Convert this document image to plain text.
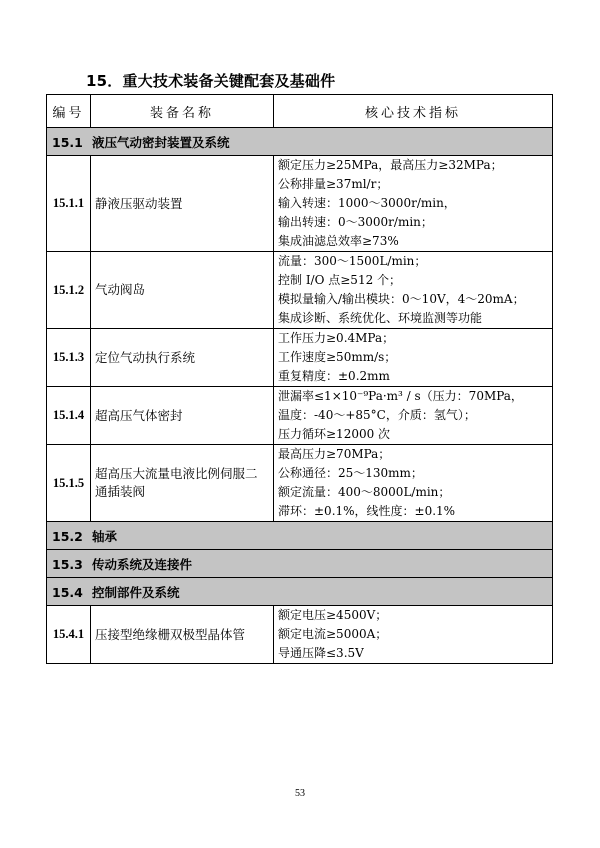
15．重大技术装备关键配套及基础件
编号	装备名称	核心技术指标
15.1 液压气动密封装置及系统		
15.1.1	静液压驱动装置	额定压力≥25MPa，最高压力≥32MPa；
公称排量≥37ml/r；
输入转速：1000～3000r/min，
输出转速：0～3000r/min；
集成油滤总效率≥73%

15.1.2	气动阀岛	流量：300～1500L/min；
控制 I/O 点≥512 个；
模拟量输入/输出模块：0～10V，4～20mA；
集成诊断、系统优化、环境监测等功能

15.1.3	定位气动执行系统	工作压力≥0.4MPa；
工作速度≥50mm/s；
重复精度：±0.2mm

15.1.4	超高压气体密封	泄漏率≤1×10⁻⁹Pa·m³ / s（压力：70MPa，
温度：-40～+85°C，介质：氢气）；
压力循环≥12000 次

15.1.5	超高压大流量电液比例伺服二通插装阀	最高压力≥70MPa；
公称通径：25～130mm；
额定流量：400～8000L/min；
滞环：±0.1%，线性度：±0.1%

15.2 轴承		
15.3 传动系统及连接件		
15.4 控制部件及系统		
15.4.1	压接型绝缘栅双极型晶体管	额定电压≥4500V；
额定电流≥5000A；
导通压降≤3.5V
53
